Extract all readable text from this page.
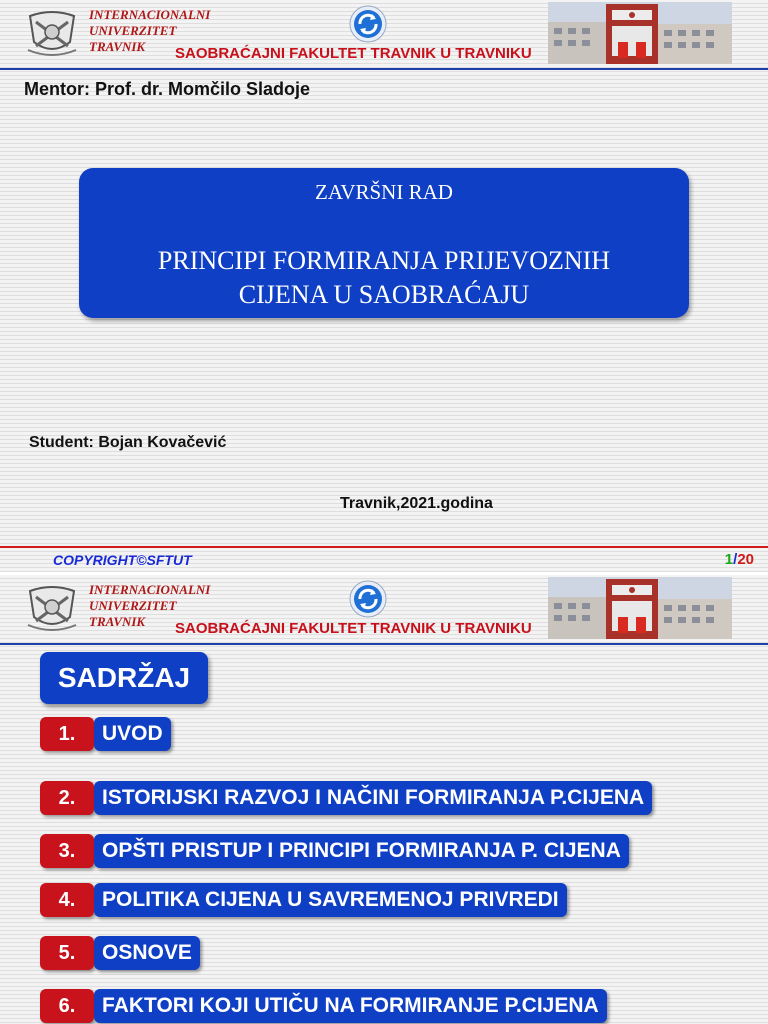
INTERNACIONALNI
UNIVERZITET
TRAVNIK	SAOBRAĆAJNI FAKULTET TRAVNIK U TRAVNIKU
Mentor: Prof. dr. Momčilo Sladoje
ZAVRŠNI RAD
PRINCIPI FORMIRANJA PRIJEVOZNIH
CIJENA U SAOBRAĆAJU
Student: Bojan Kovačević
Travnik,2021.godina
COPYRIGHT©SFTUT	1/20
INTERNACIONALNI
UNIVERZITET
TRAVNIK	SAOBRAĆAJNI FAKULTET TRAVNIK U TRAVNIKU
SADRŽAJ
1.	UVOD
2.	ISTORIJSKI RAZVOJ I NAČINI FORMIRANJA P.CIJENA
3.	OPŠTI PRISTUP I PRINCIPI FORMIRANJA P. CIJENA
4.	POLITIKA CIJENA U SAVREMENOJ PRIVREDI
5.	OSNOVE
6.	FAKTORI KOJI UTIČU NA FORMIRANJE P.CIJENA
